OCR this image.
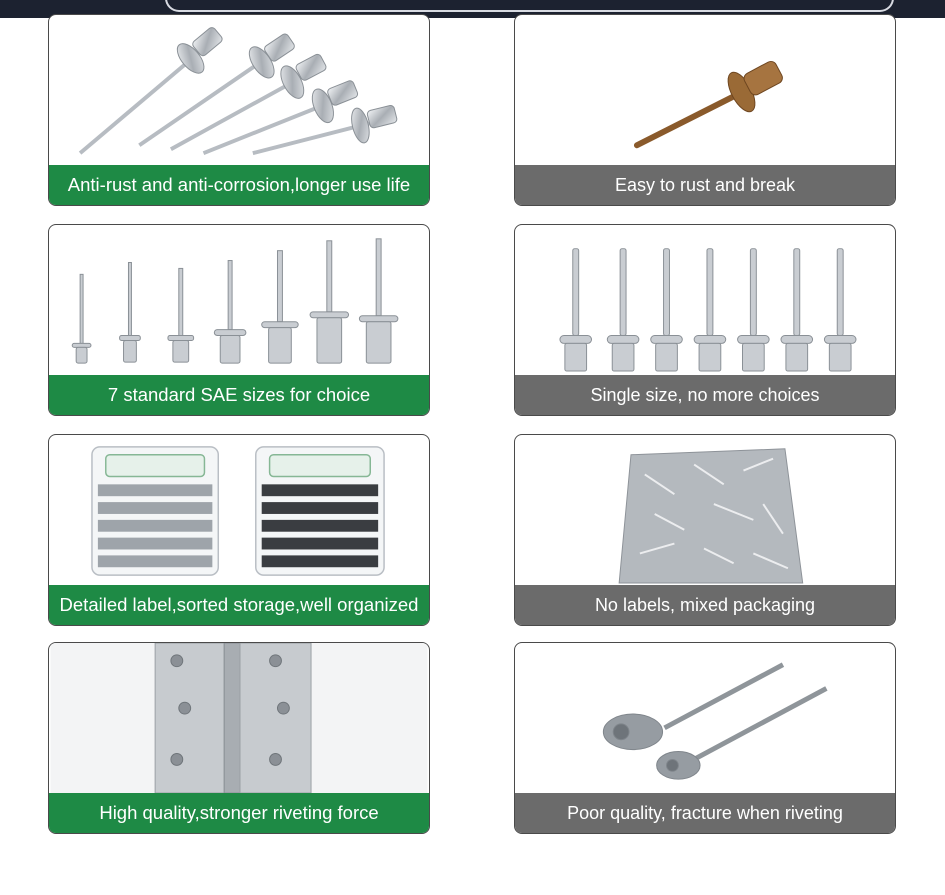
Anti-rust and anti-corrosion,longer use life	Easy to rust and break
7 standard SAE sizes for choice	Single size, no more choices
Detailed label,sorted storage,well organized	No labels, mixed packaging
High quality,stronger riveting force	Poor quality, fracture when riveting
